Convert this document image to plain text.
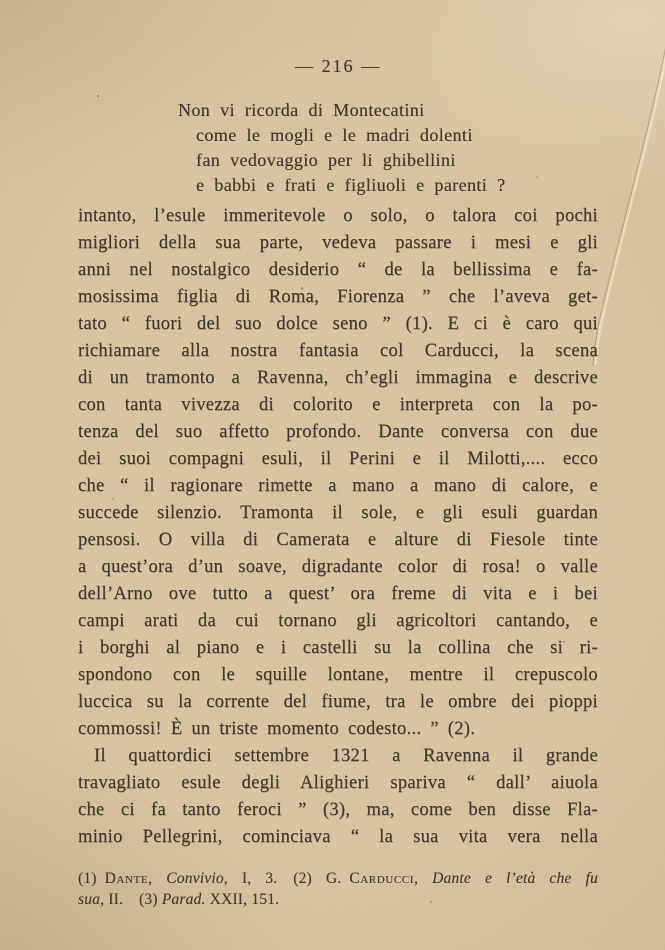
— 216 —
Non vi ricorda di Montecatini
come le mogli e le madri dolenti
fan vedovaggio per li ghibellini
e babbi e frati e figliuoli e parenti ?
intanto, l’esule immeritevole o solo, o talora coi pochi
migliori della sua parte, vedeva passare i mesi e gli
anni nel nostalgico desiderio “ de la bellissima e fa-
mosissima figlia di Roma, Fiorenza ” che l’aveva get-
tato “ fuori del suo dolce seno ” (1). E ci è caro qui
richiamare alla nostra fantasia col Carducci, la scena
di un tramonto a Ravenna, ch’egli immagina e descrive
con tanta vivezza di colorito e interpreta con la po-
tenza del suo affetto profondo. Dante conversa con due
dei suoi compagni esuli, il Perini e il Milotti,.... ecco
che “ il ragionare rimette a mano a mano di calore, e
succede silenzio. Tramonta il sole, e gli esuli guardan
pensosi. O villa di Camerata e alture di Fiesole tinte
a quest’ora d’un soave, digradante color di rosa! o valle
dell’Arno ove tutto a quest’ ora freme di vita e i bei
campi arati da cui tornano gli agricoltori cantando, e
i borghi al piano e i castelli su la collina che si ri-
spondono con le squille lontane, mentre il crepuscolo
luccica su la corrente del fiume, tra le ombre dei pioppi
commossi! È un triste momento codesto... ” (2).
Il quattordici settembre 1321 a Ravenna il grande
travagliato esule degli Alighieri spariva “ dall’ aiuola
che ci fa tanto feroci ” (3), ma, come ben disse Fla-
minio Pellegrini, cominciava “ la sua vita vera nella
(1) Dante, Convivio, I, 3.  (2) G. Carducci, Dante e l’età che fu
sua, II.  (3) Parad. XXII, 151.
